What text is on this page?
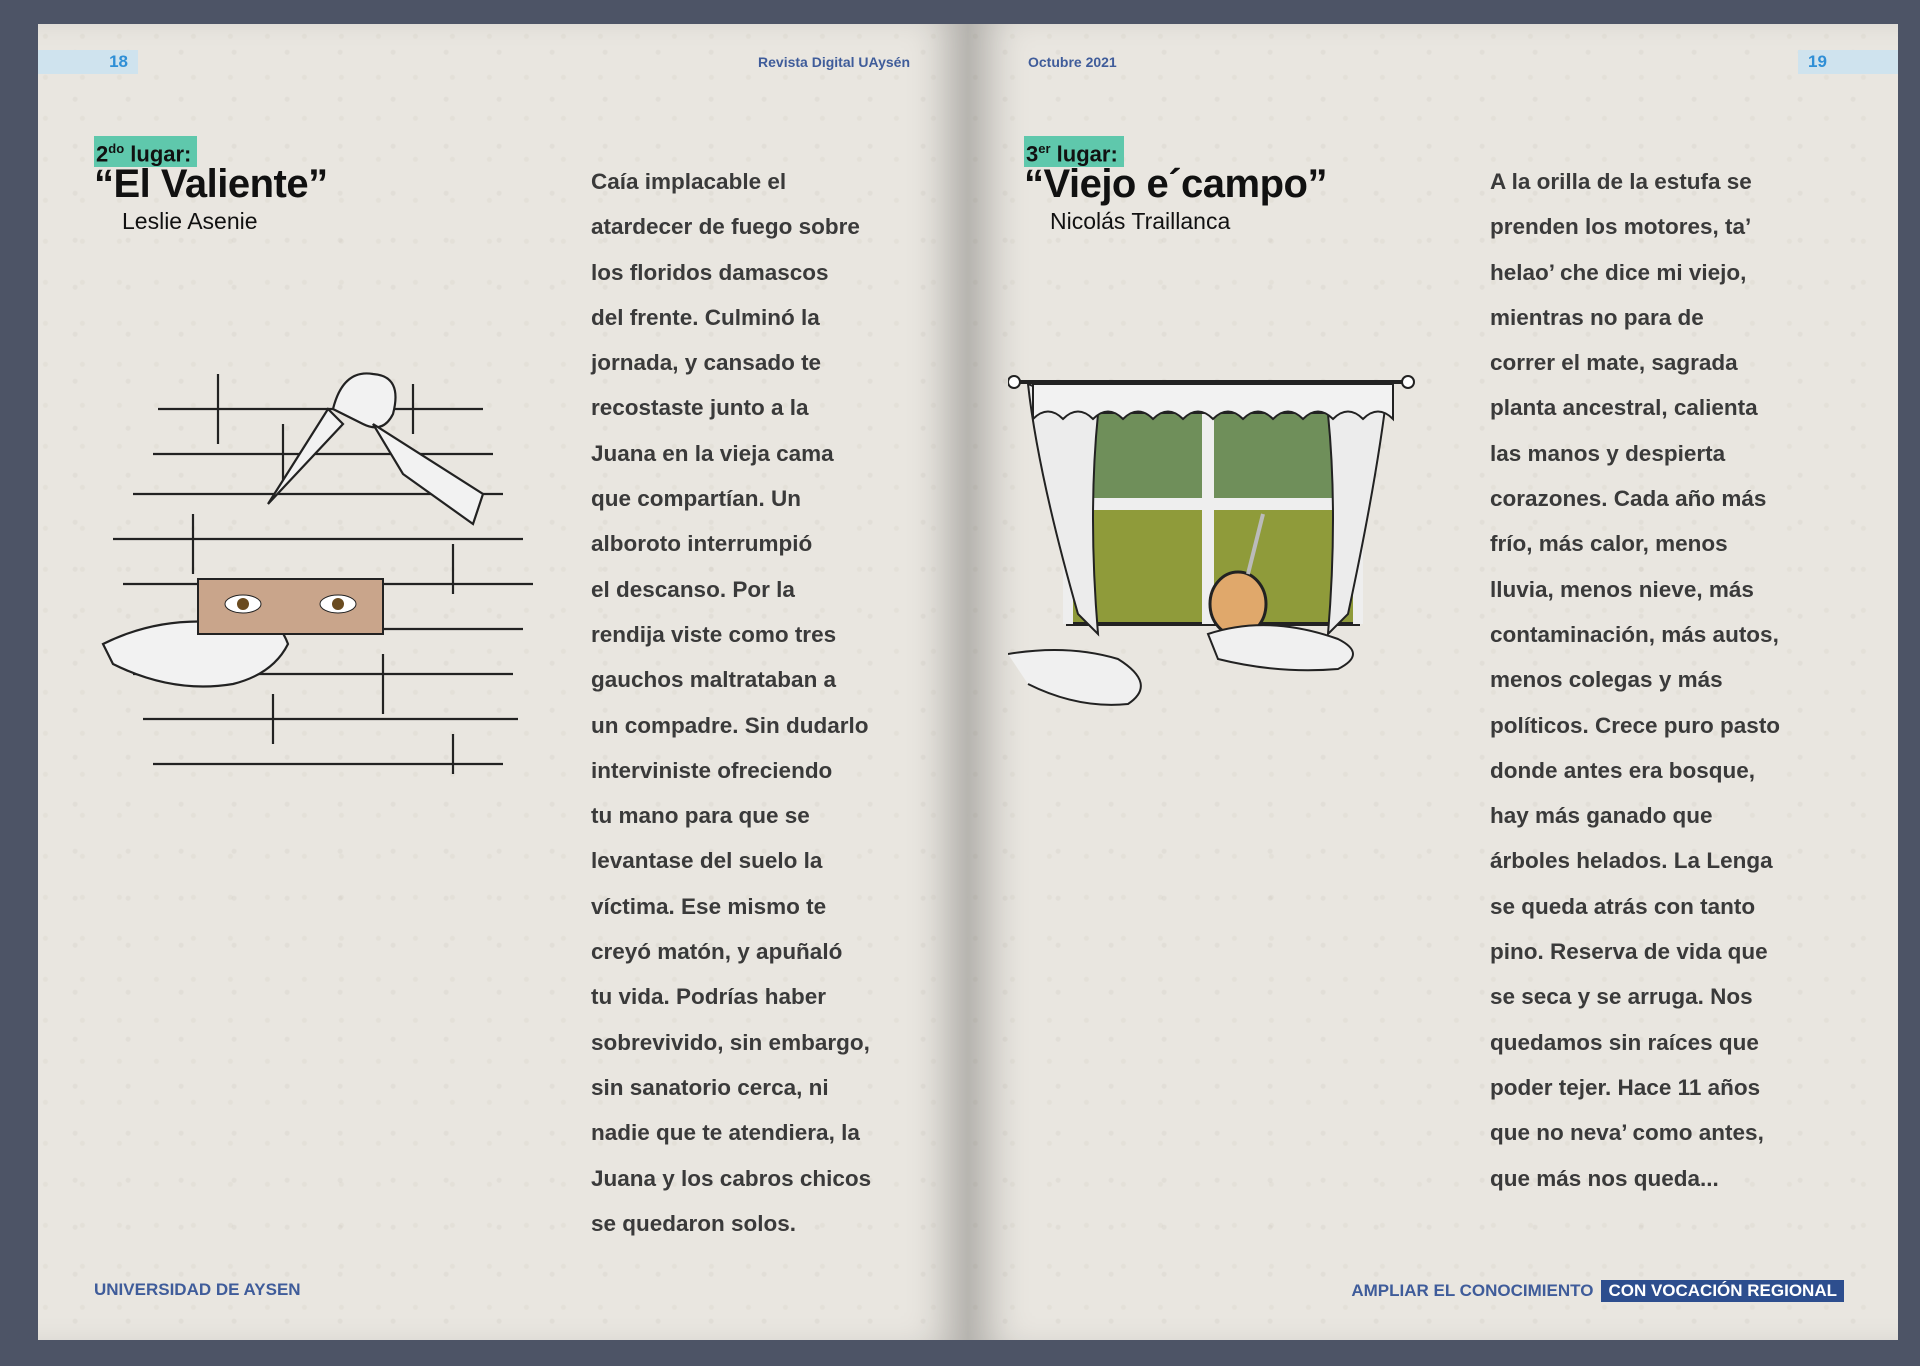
18	Revista Digital UAysén
$2^{do}$ lugar:
“El Valiente”
Leslie Asenie
Caía implacable el
atardecer de fuego sobre
los floridos damascos
del frente. Culminó la
jornada, y cansado te
recostaste junto a la
Juana en la vieja cama
que compartían. Un
alboroto interrumpió
el descanso. Por la
rendija viste como tres
gauchos maltrataban a
un compadre. Sin dudarlo
interviniste ofreciendo
tu mano para que se
levantase del suelo la
víctima. Ese mismo te
creyó matón, y apuñaló
tu vida. Podrías haber
sobrevivido, sin embargo,
sin sanatorio cerca, ni
nadie que te atendiera, la
Juana y los cabros chicos
se quedaron solos.
UNIVERSIDAD DE AYSEN
19
Octubre 2021
3er lugar:
“Viejo e´campo”
Nicolás Traillanca
A la orilla de la estufa se
prenden los motores, ta’
helao’ che dice mi viejo,
mientras no para de
correr el mate, sagrada
planta ancestral, calienta
las manos y despierta
corazones. Cada año más
frío, más calor, menos
lluvia, menos nieve, más
contaminación, más autos,
menos colegas y más
políticos. Crece puro pasto
donde antes era bosque,
hay más ganado que
árboles helados. La Lenga
se queda atrás con tanto
pino. Reserva de vida que
se seca y se arruga. Nos
quedamos sin raíces que
poder tejer. Hace 11 años
que no neva’ como antes,
que más nos queda...
AMPLIAR EL CONOCIMIENTO CON VOCACIÓN REGIONAL
